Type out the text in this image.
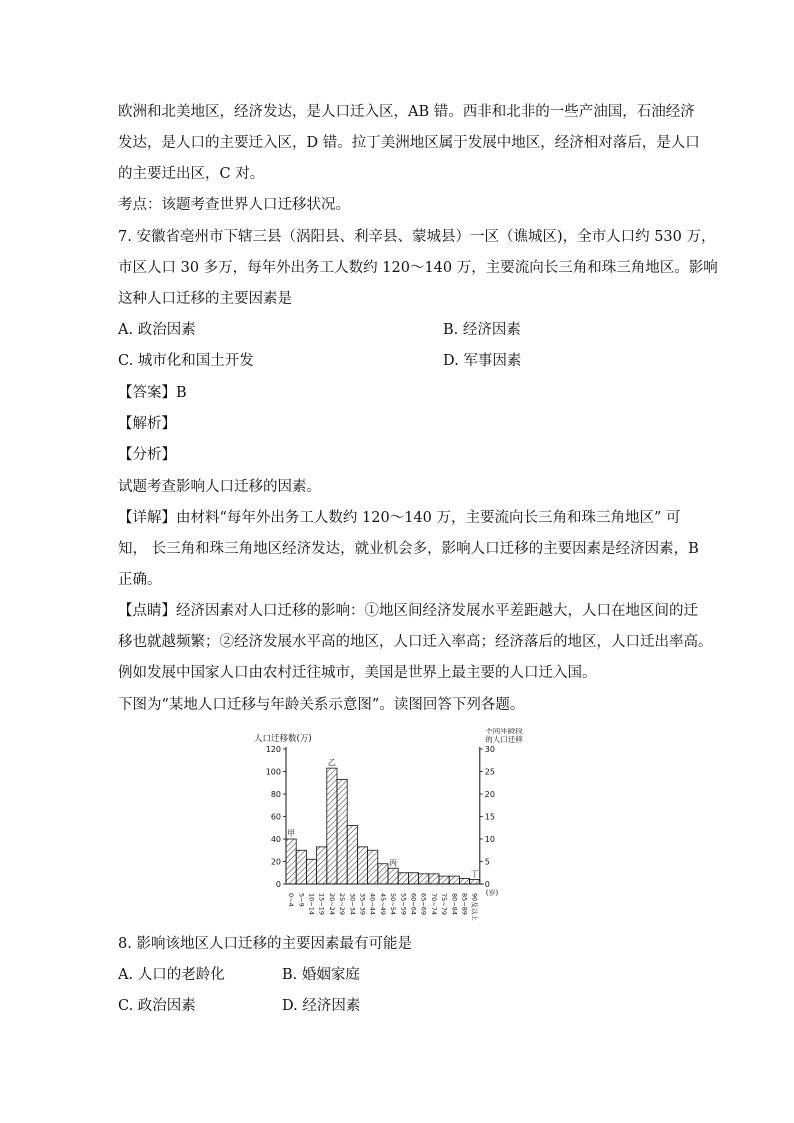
欧洲和北美地区，经济发达，是人口迁入区，AB 错。西非和北非的一些产油国，石油经济
发达，是人口的主要迁入区，D 错。拉丁美洲地区属于发展中地区，经济相对落后，是人口
的主要迁出区，C 对。
考点：该题考查世界人口迁移状况。
7. 安徽省亳州市下辖三县（涡阳县、利辛县、蒙城县）一区（谯城区)，全市人口约 530 万，
市区人口 30 多万，每年外出务工人数约 120～140 万，主要流向长三角和珠三角地区。影响
这种人口迁移的主要因素是
A. 政治因素	B. 经济因素
C. 城市化和国土开发	D. 军事因素
【答案】B
【解析】
【分析】
试题考查影响人口迁移的因素。
【详解】由材料“每年外出务工人数约 120～140 万，主要流向长三角和珠三角地区” 可
知， 长三角和珠三角地区经济发达，就业机会多，影响人口迁移的主要因素是经济因素，B
正确。
【点睛】经济因素对人口迁移的影响：①地区间经济发展水平差距越大，人口在地区间的迁
移也就越频繁；②经济发展水平高的地区，人口迁入率高；经济落后的地区，人口迁出率高。
例如发展中国家人口由农村迁往城市，美国是世界上最主要的人口迁入国。
下图为“某地人口迁移与年龄关系示意图”。读图回答下列各题。
人口迁移数(万)
不同年龄段
的人口迁移
0
20
40
60
80
100
120
0
5
10
15
20
25
30
0~4 5~9 10~14 15~19 20~24 25~29 30~34 35~39 40~44 45~49 50~54 55~59 60~64 65~69 70~74 75~79 80~84 85~89 90及以上 (岁)
甲
乙
丙
丁
8. 影响该地区人口迁移的主要因素最有可能是
A. 人口的老龄化	B. 婚姻家庭
C. 政治因素	D. 经济因素
